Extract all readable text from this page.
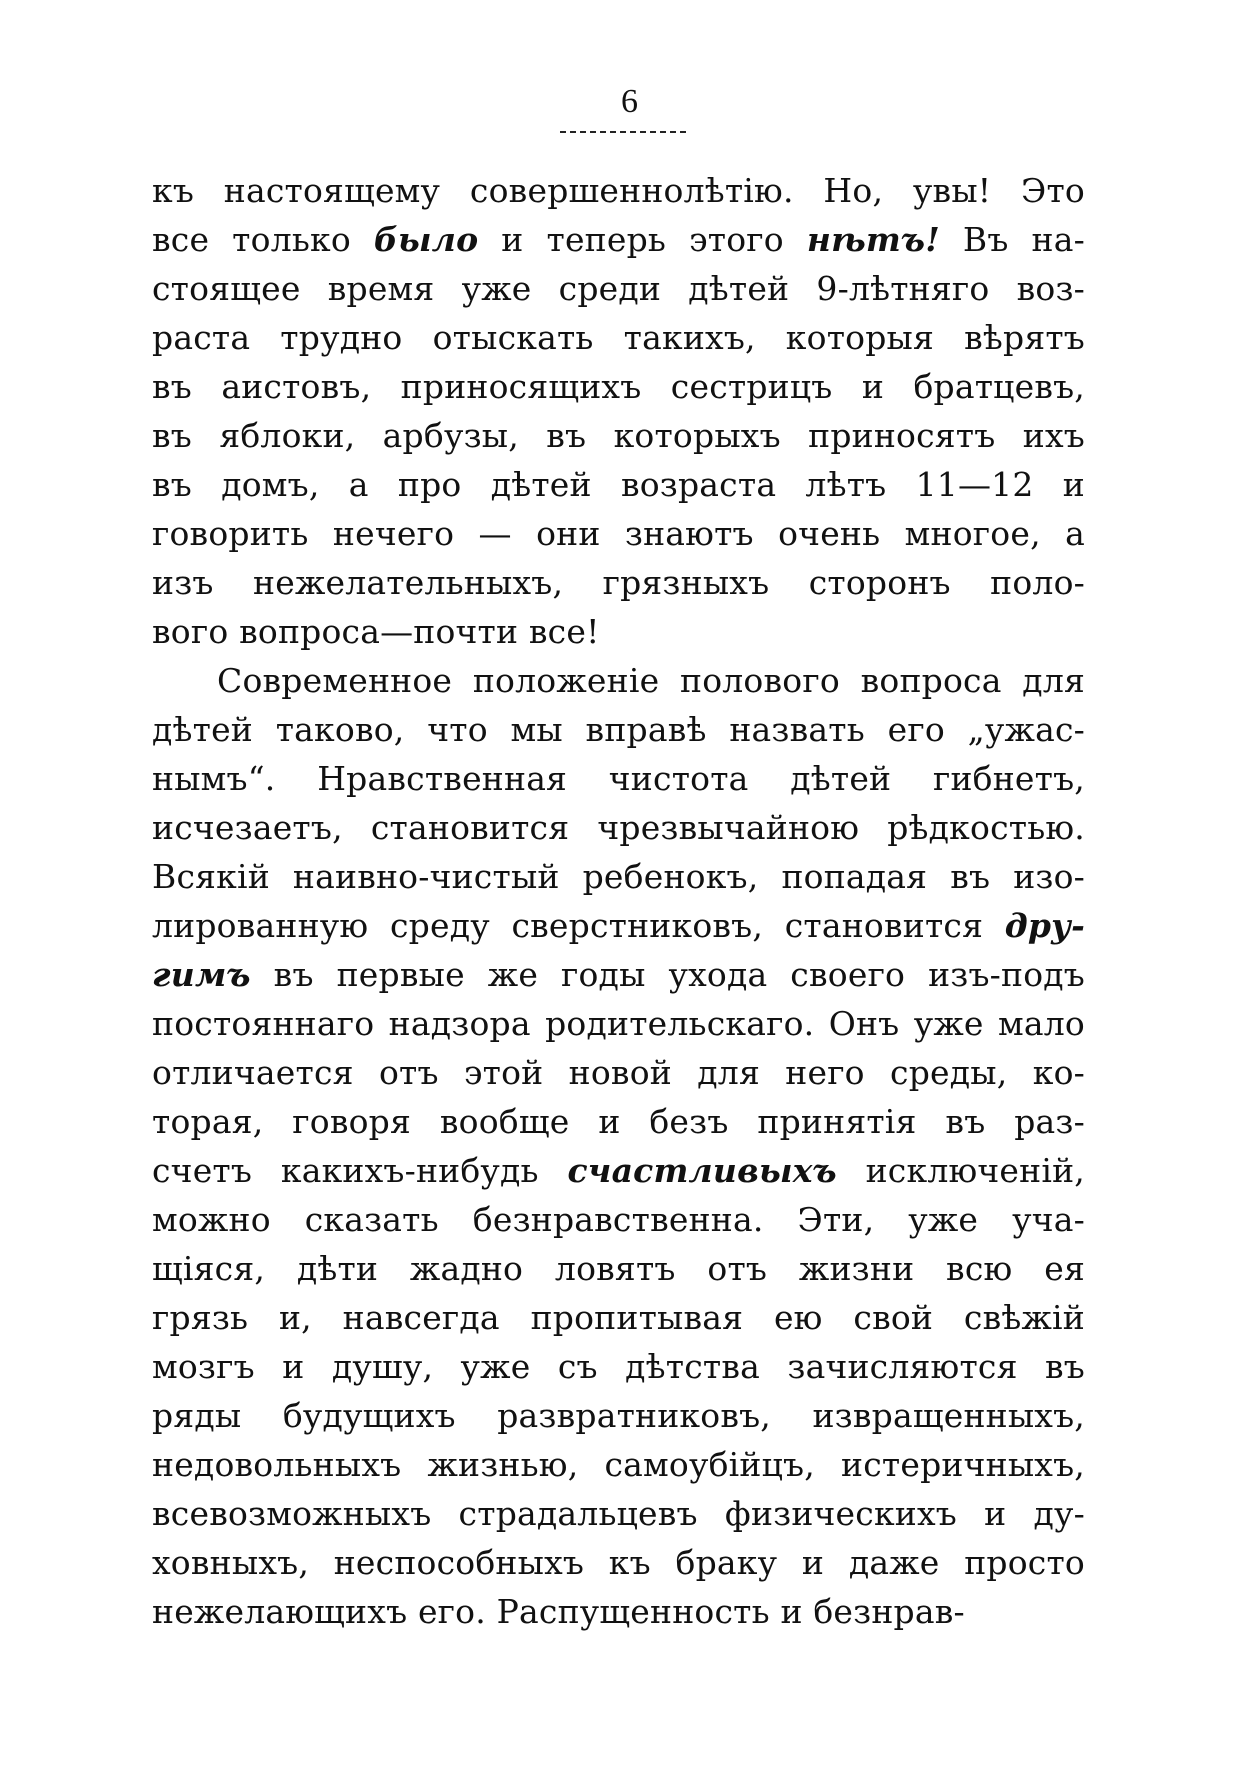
6
къ настоящему совершеннолѣтію. Но, увы! Это
все только было и теперь этого нѣтъ! Въ на-
стоящее время уже среди дѣтей 9-лѣтняго воз-
раста трудно отыскать такихъ, которыя вѣрятъ
въ аистовъ, приносящихъ сестрицъ и братцевъ,
въ яблоки, арбузы, въ которыхъ приносятъ ихъ
въ домъ, а про дѣтей возраста лѣтъ 11—12 и
говорить нечего — они знаютъ очень многое, а
изъ нежелательныхъ, грязныхъ сторонъ поло-
вого вопроса—почти все!
Современное положеніе полового вопроса для
дѣтей таково, что мы вправѣ назвать его „ужас-
нымъ“. Нравственная чистота дѣтей гибнетъ,
исчезаетъ, становится чрезвычайною рѣдкостью.
Всякій наивно-чистый ребенокъ, попадая въ изо-
лированную среду сверстниковъ, становится дру-
гимъ въ первые же годы ухода своего изъ-подъ
постояннаго надзора родительскаго. Онъ уже мало
отличается отъ этой новой для него среды, ко-
торая, говоря вообще и безъ принятія въ раз-
счетъ какихъ-нибудь счастливыхъ исключеній,
можно сказать безнравственна. Эти, уже уча-
щіяся, дѣти жадно ловятъ отъ жизни всю ея
грязь и, навсегда пропитывая ею свой свѣжій
мозгъ и душу, уже съ дѣтства зачисляются въ
ряды будущихъ развратниковъ, извращенныхъ,
недовольныхъ жизнью, самоубійцъ, истеричныхъ,
всевозможныхъ страдальцевъ физическихъ и ду-
ховныхъ, неспособныхъ къ браку и даже просто
нежелающихъ его. Распущенность и безнрав-
